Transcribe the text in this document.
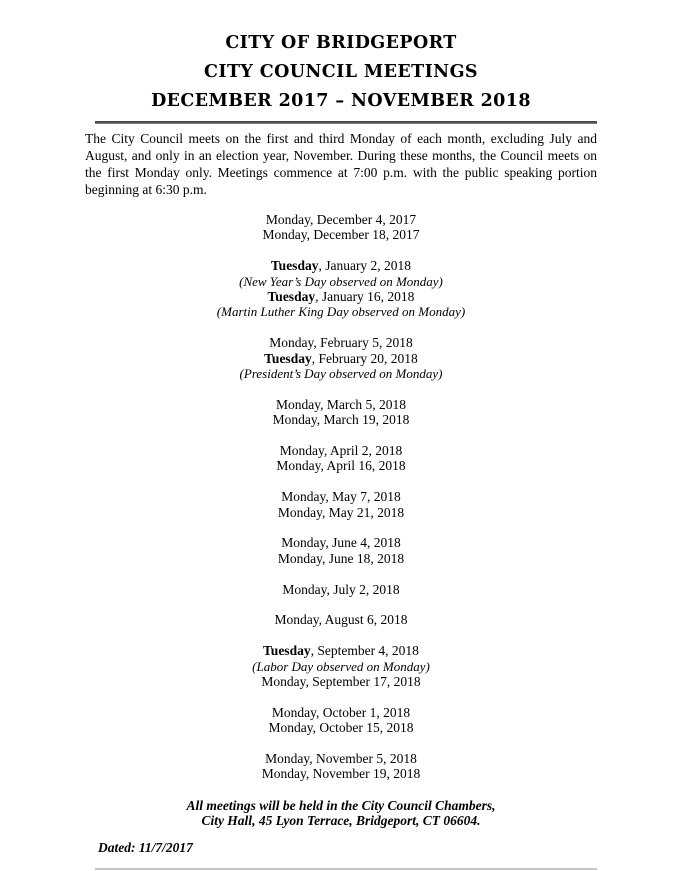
CITY OF BRIDGEPORT
CITY COUNCIL MEETINGS
DECEMBER 2017 – NOVEMBER 2018

The City Council meets on the first and third Monday of each month, excluding July and August, and only in an election year, November. During these months, the Council meets on the first Monday only. Meetings commence at 7:00 p.m. with the public speaking portion beginning at 6:30 p.m.

Monday, December 4, 2017
Monday, December 18, 2017
Tuesday, January 2, 2018
(New Year’s Day observed on Monday)
Tuesday, January 16, 2018
(Martin Luther King Day observed on Monday)
Monday, February 5, 2018
Tuesday, February 20, 2018
(President’s Day observed on Monday)
Monday, March 5, 2018
Monday, March 19, 2018
Monday, April 2, 2018
Monday, April 16, 2018
Monday, May 7, 2018
Monday, May 21, 2018
Monday, June 4, 2018
Monday, June 18, 2018
Monday, July 2, 2018
Monday, August 6, 2018
Tuesday, September 4, 2018
(Labor Day observed on Monday)
Monday, September 17, 2018
Monday, October 1, 2018
Monday, October 15, 2018
Monday, November 5, 2018
Monday, November 19, 2018
All meetings will be held in the City Council Chambers,
City Hall, 45 Lyon Terrace, Bridgeport, CT 06604.
Dated: 11/7/2017
